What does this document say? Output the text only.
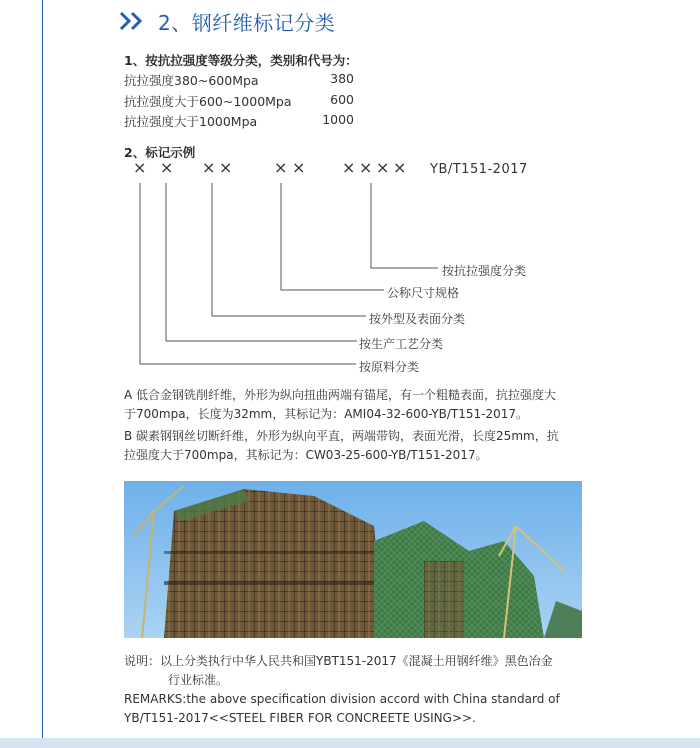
2、钢纤维标记分类
1、按抗拉强度等级分类，类别和代号为：
抗拉强度380~600Mpa	380
抗拉强度大于600~1000Mpa	600
抗拉强度大于1000Mpa	1000
2、标记示例
× × × ×	× × × × × × YB/T151-2017
按抗拉强度分类
公称尺寸规格
按外型及表面分类
按生产工艺分类
按原料分类
A 低合金钢铣削纤维，外形为纵向扭曲两端有锚尾，有一个粗糙表面，抗拉强度大
于700mpa，长度为32mm，其标记为：AMI04-32-600-YB/T151-2017。
B 碳素钢钢丝切断纤维，外形为纵向平直，两端带钩，表面光滑，长度25mm，抗
拉强度大于700mpa，其标记为：CW03-25-600-YB/T151-2017。
说明：以上分类执行中华人民共和国YBT151-2017《混凝土用钢纤维》黑色冶金
行业标准。
REMARKS:the above specification division accord with China standard of
YB/T151-2017<<STEEL FIBER FOR CONCREETE USING>>.
